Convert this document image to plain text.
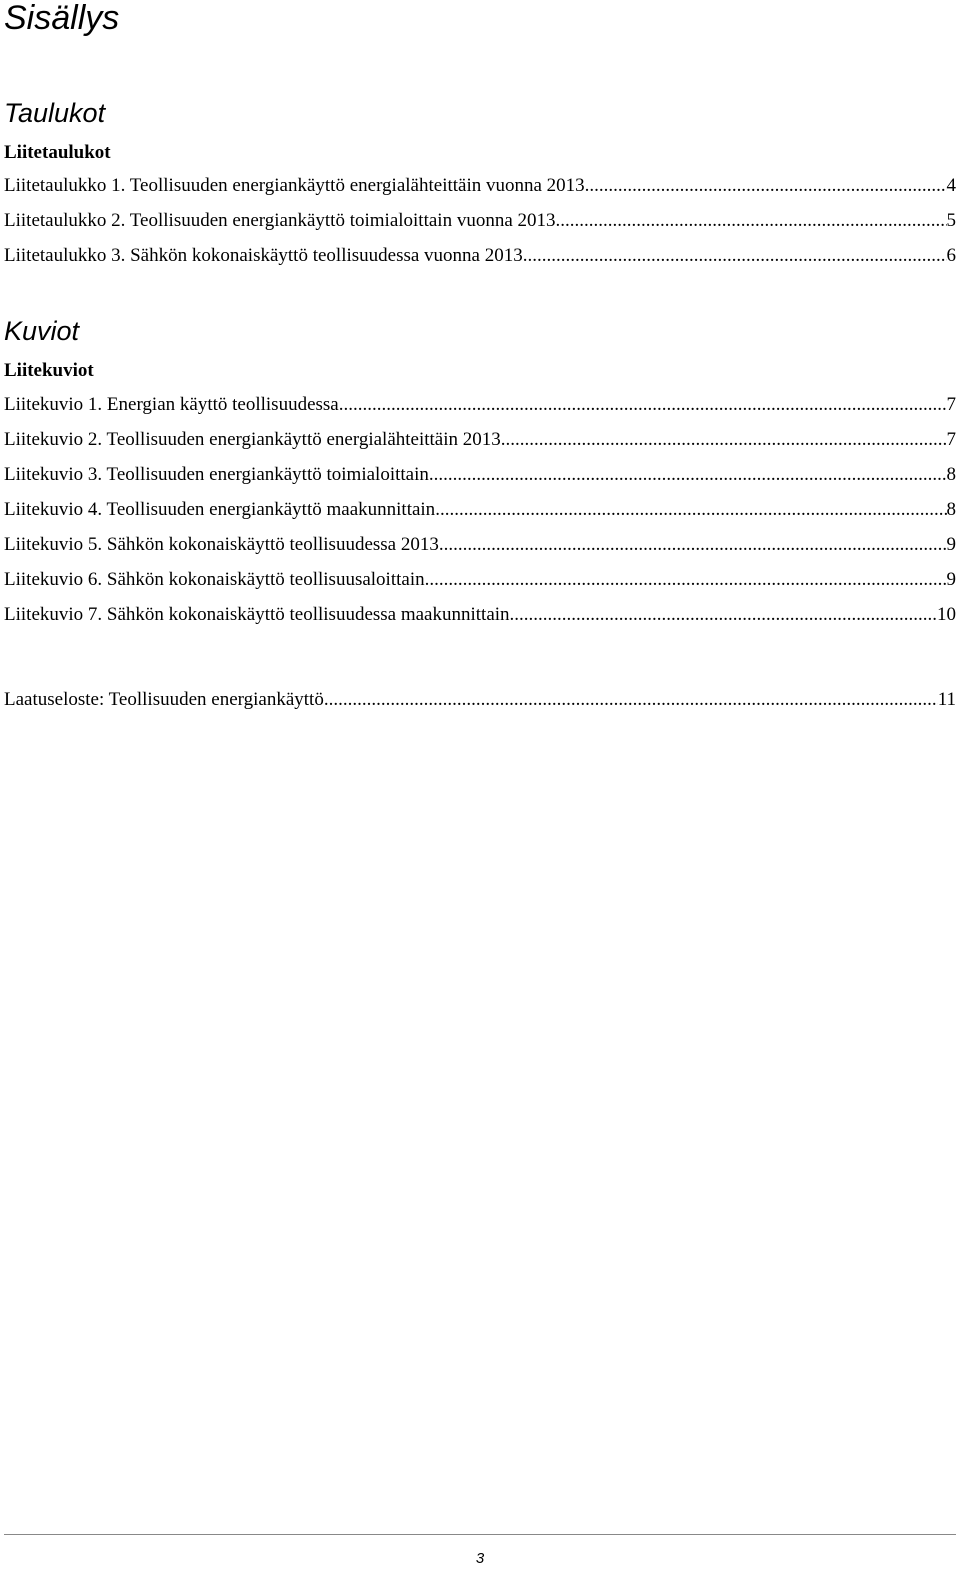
Sisällys
Taulukot
Liitetaulukot
Liitetaulukko 1. Teollisuuden energiankäyttö energialähteittäin vuonna 2013 .....	4
Liitetaulukko 2. Teollisuuden energiankäyttö toimialoittain vuonna 2013 .....	5
Liitetaulukko 3. Sähkön kokonaiskäyttö teollisuudessa vuonna 2013 .....	6
Kuviot
Liitekuviot
Liitekuvio 1. Energian käyttö teollisuudessa .....	7
Liitekuvio 2. Teollisuuden energiankäyttö energialähteittäin 2013 .....	7
Liitekuvio 3. Teollisuuden energiankäyttö toimialoittain .....	8
Liitekuvio 4. Teollisuuden energiankäyttö maakunnittain .....	8
Liitekuvio 5. Sähkön kokonaiskäyttö teollisuudessa 2013 .....	9
Liitekuvio 6. Sähkön kokonaiskäyttö teollisuusaloittain .....	9
Liitekuvio 7. Sähkön kokonaiskäyttö teollisuudessa maakunnittain .....	10
Laatuseloste: Teollisuuden energiankäyttö .....	11
3
